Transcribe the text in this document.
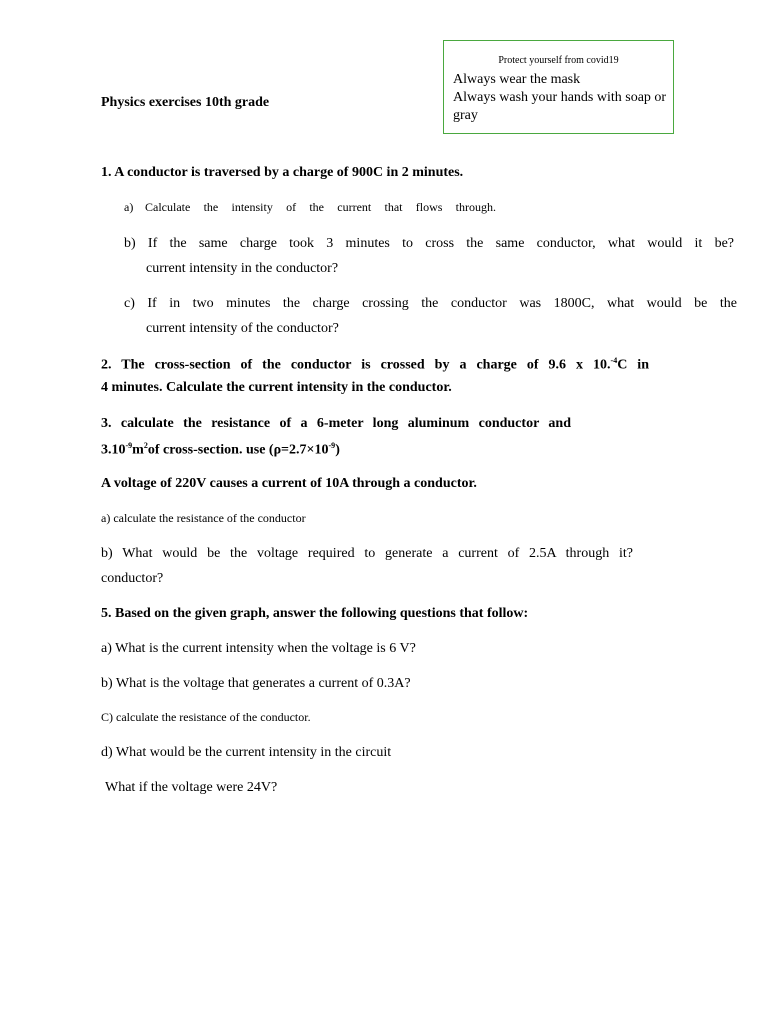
Protect yourself from covid19
Always wear the mask
Always wash your hands with soap or
gray
Physics exercises 10th grade
1. A conductor is traversed by a charge of 900C in 2 minutes.
a) Calculate the intensity of the current that flows through.
b) If the same charge took 3 minutes to cross the same conductor, what would it be?
current intensity in the conductor?
c) If in two minutes the charge crossing the conductor was 1800C, what would be the
current intensity of the conductor?
2. The cross-section of the conductor is crossed by a charge of 9.6 x 10.$^{-4}$C in
4 minutes. Calculate the current intensity in the conductor.
3. calculate the resistance of a 6-meter long aluminum conductor and
$3.10^{-9}m^2of$ cross-section. use $(\rho=2.7\times 10^{-9})$
A voltage of 220V causes a current of 10A through a conductor.
a) calculate the resistance of the conductor
b) What would be the voltage required to generate a current of 2.5A through it?
conductor?
5. Based on the given graph, answer the following questions that follow:
a) What is the current intensity when the voltage is 6 V?
b) What is the voltage that generates a current of 0.3A?
C) calculate the resistance of the conductor.
d) What would be the current intensity in the circuit
What if the voltage were 24V?
